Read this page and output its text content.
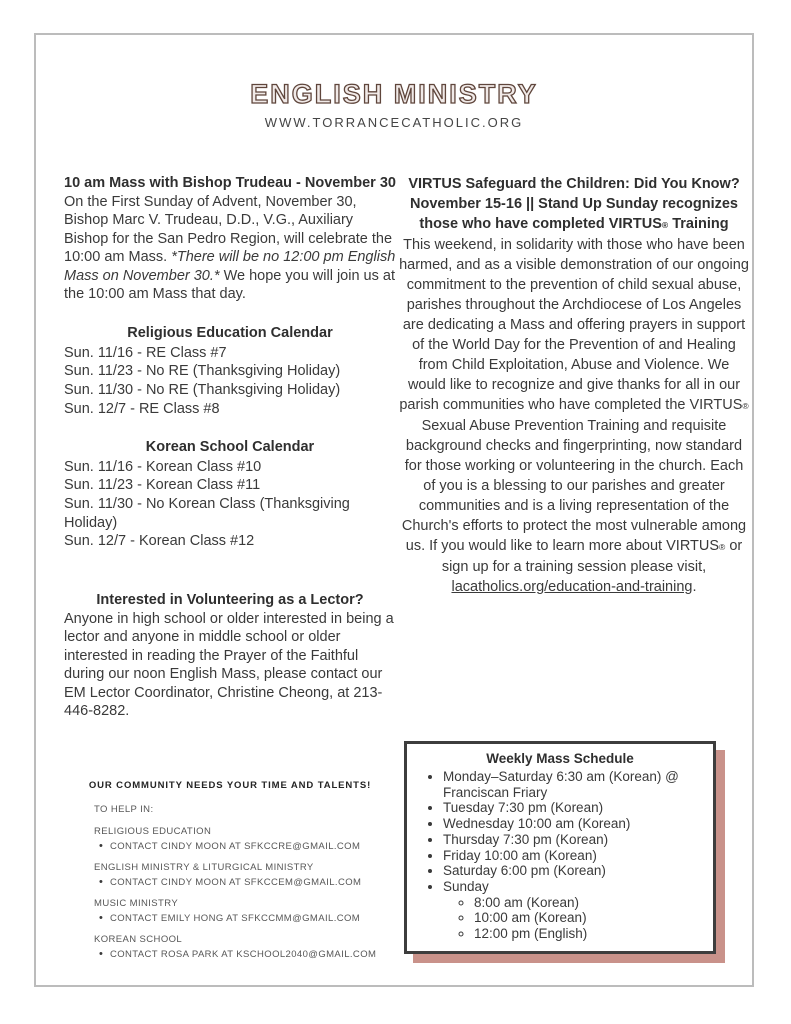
ENGLISH MINISTRY
WWW.TORRANCECATHOLIC.ORG
10 am Mass with Bishop Trudeau - November 30

On the First Sunday of Advent, November 30, Bishop Marc V. Trudeau, D.D., V.G., Auxiliary Bishop for the San Pedro Region, will celebrate the 10:00 am Mass. *There will be no 12:00 pm English Mass on November 30.* We hope you will join us at the 10:00 am Mass that day.

Religious Education Calendar
Sun. 11/16 - RE Class #7
Sun. 11/23 - No RE (Thanksgiving Holiday)
Sun. 11/30 - No RE (Thanksgiving Holiday)
Sun. 12/7 - RE Class #8
Korean School Calendar
Sun. 11/16 - Korean Class #10
Sun. 11/23 - Korean Class #11
Sun. 11/30 - No Korean Class (Thanksgiving Holiday)
Sun. 12/7 - Korean Class #12
Interested in Volunteering as a Lector?

Anyone in high school or older interested in being a lector and anyone in middle school or older interested in reading the Prayer of the Faithful during our noon English Mass, please contact our EM Lector Coordinator, Christine Cheong, at 213-446-8282.

OUR COMMUNITY NEEDS YOUR TIME AND TALENTS!
TO HELP IN:
RELIGIOUS EDUCATION
• CONTACT CINDY MOON AT SFKCCRE@GMAIL.COM
ENGLISH MINISTRY & LITURGICAL MINISTRY
• CONTACT CINDY MOON AT SFKCCEM@GMAIL.COM
MUSIC MINISTRY
• CONTACT EMILY HONG AT SFKCCMM@GMAIL.COM
KOREAN SCHOOL
• CONTACT ROSA PARK AT KSCHOOL2040@GMAIL.COM
VIRTUS Safeguard the Children: Did You Know? November 15-16 || Stand Up Sunday recognizes those who have completed VIRTUS® Training

This weekend, in solidarity with those who have been harmed, and as a visible demonstration of our ongoing commitment to the prevention of child sexual abuse, parishes throughout the Archdiocese of Los Angeles are dedicating a Mass and offering prayers in support of the World Day for the Prevention of and Healing from Child Exploitation, Abuse and Violence. We would like to recognize and give thanks for all in our parish communities who have completed the VIRTUS® Sexual Abuse Prevention Training and requisite background checks and fingerprinting, now standard for those working or volunteering in the church. Each of you is a blessing to our parishes and greater communities and is a living representation of the Church's efforts to protect the most vulnerable among us. If you would like to learn more about VIRTUS® or sign up for a training session please visit, lacatholics.org/education-and-training.

Weekly Mass Schedule
• Monday–Saturday 6:30 am (Korean) @ Franciscan Friary
• Tuesday 7:30 pm (Korean)
• Wednesday 10:00 am (Korean)
• Thursday 7:30 pm (Korean)
• Friday 10:00 am (Korean)
• Saturday 6:00 pm (Korean)
• Sunday
◦ 8:00 am (Korean)
◦ 10:00 am (Korean)
◦ 12:00 pm (English)
